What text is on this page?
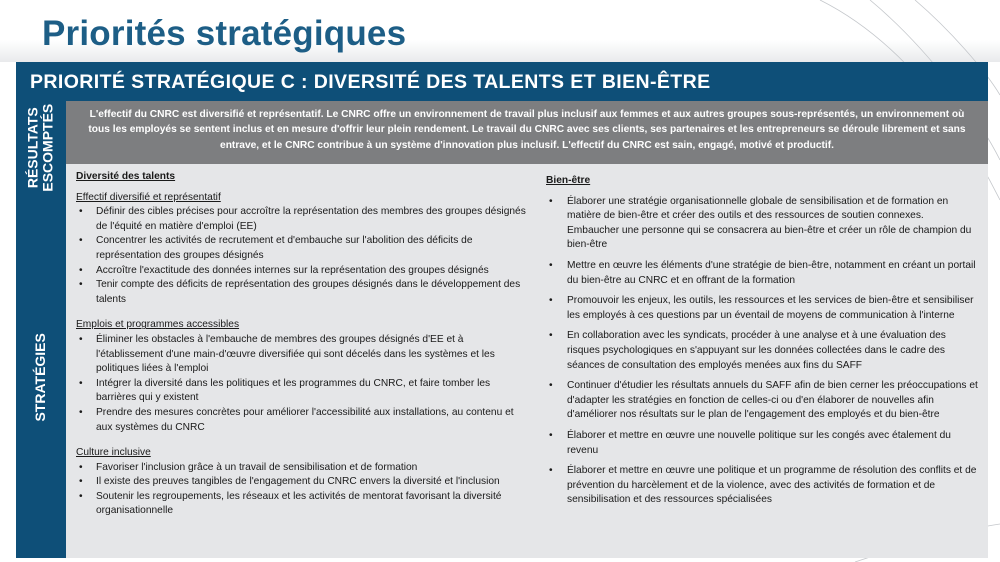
Priorités stratégiques
PRIORITÉ STRATÉGIQUE C : DIVERSITÉ DES TALENTS ET BIEN-ÊTRE
RÉSULTATS
ESCOMPTÉS
STRATÉGIES

L'effectif du CNRC est diversifié et représentatif. Le CNRC offre un environnement de travail plus inclusif aux femmes et aux autres groupes sous-représentés, un environnement où tous les employés se sentent inclus et en mesure d'offrir leur plein rendement. Le travail du CNRC avec ses clients, ses partenaires et les entrepreneurs se déroule librement et sans entrave, et le CNRC contribue à un système d'innovation plus inclusif. L'effectif du CNRC est sain, engagé, motivé et productif.

Diversité des talents
Effectif diversifié et représentatif
• Définir des cibles précises pour accroître la représentation des membres des groupes désignés de l'équité en matière d'emploi (EE)
• Concentrer les activités de recrutement et d'embauche sur l'abolition des déficits de représentation des groupes désignés
• Accroître l'exactitude des données internes sur la représentation des groupes désignés
• Tenir compte des déficits de représentation des groupes désignés dans le développement des talents
Emplois et programmes accessibles
• Éliminer les obstacles à l'embauche de membres des groupes désignés d'EE et à l'établissement d'une main-d'œuvre diversifiée qui sont décelés dans les systèmes et les politiques liées à l'emploi
• Intégrer la diversité dans les politiques et les programmes du CNRC, et faire tomber les barrières qui y existent
• Prendre des mesures concrètes pour améliorer l'accessibilité aux installations, au contenu et aux systèmes du CNRC
Culture inclusive
• Favoriser l'inclusion grâce à un travail de sensibilisation et de formation
• Il existe des preuves tangibles de l'engagement du CNRC envers la diversité et l'inclusion
• Soutenir les regroupements, les réseaux et les activités de mentorat favorisant la diversité organisationnelle
Bien-être
• Élaborer une stratégie organisationnelle globale de sensibilisation et de formation en matière de bien-être et créer des outils et des ressources de soutien connexes. Embaucher une personne qui se consacrera au bien-être et créer un rôle de champion du bien-être
• Mettre en œuvre les éléments d'une stratégie de bien-être, notamment en créant un portail du bien-être au CNRC et en offrant de la formation
• Promouvoir les enjeux, les outils, les ressources et les services de bien-être et sensibiliser les employés à ces questions par un éventail de moyens de communication à l'interne
• En collaboration avec les syndicats, procéder à une analyse et à une évaluation des risques psychologiques en s'appuyant sur les données collectées dans le cadre des séances de consultation des employés menées aux fins du SAFF
• Continuer d'étudier les résultats annuels du SAFF afin de bien cerner les préoccupations et d'adapter les stratégies en fonction de celles-ci ou d'en élaborer de nouvelles afin d'améliorer nos résultats sur le plan de l'engagement des employés et du bien-être
• Élaborer et mettre en œuvre une nouvelle politique sur les congés avec étalement du revenu
• Élaborer et mettre en œuvre une politique et un programme de résolution des conflits et de prévention du harcèlement et de la violence, avec des activités de formation et de sensibilisation et des ressources spécialisées
